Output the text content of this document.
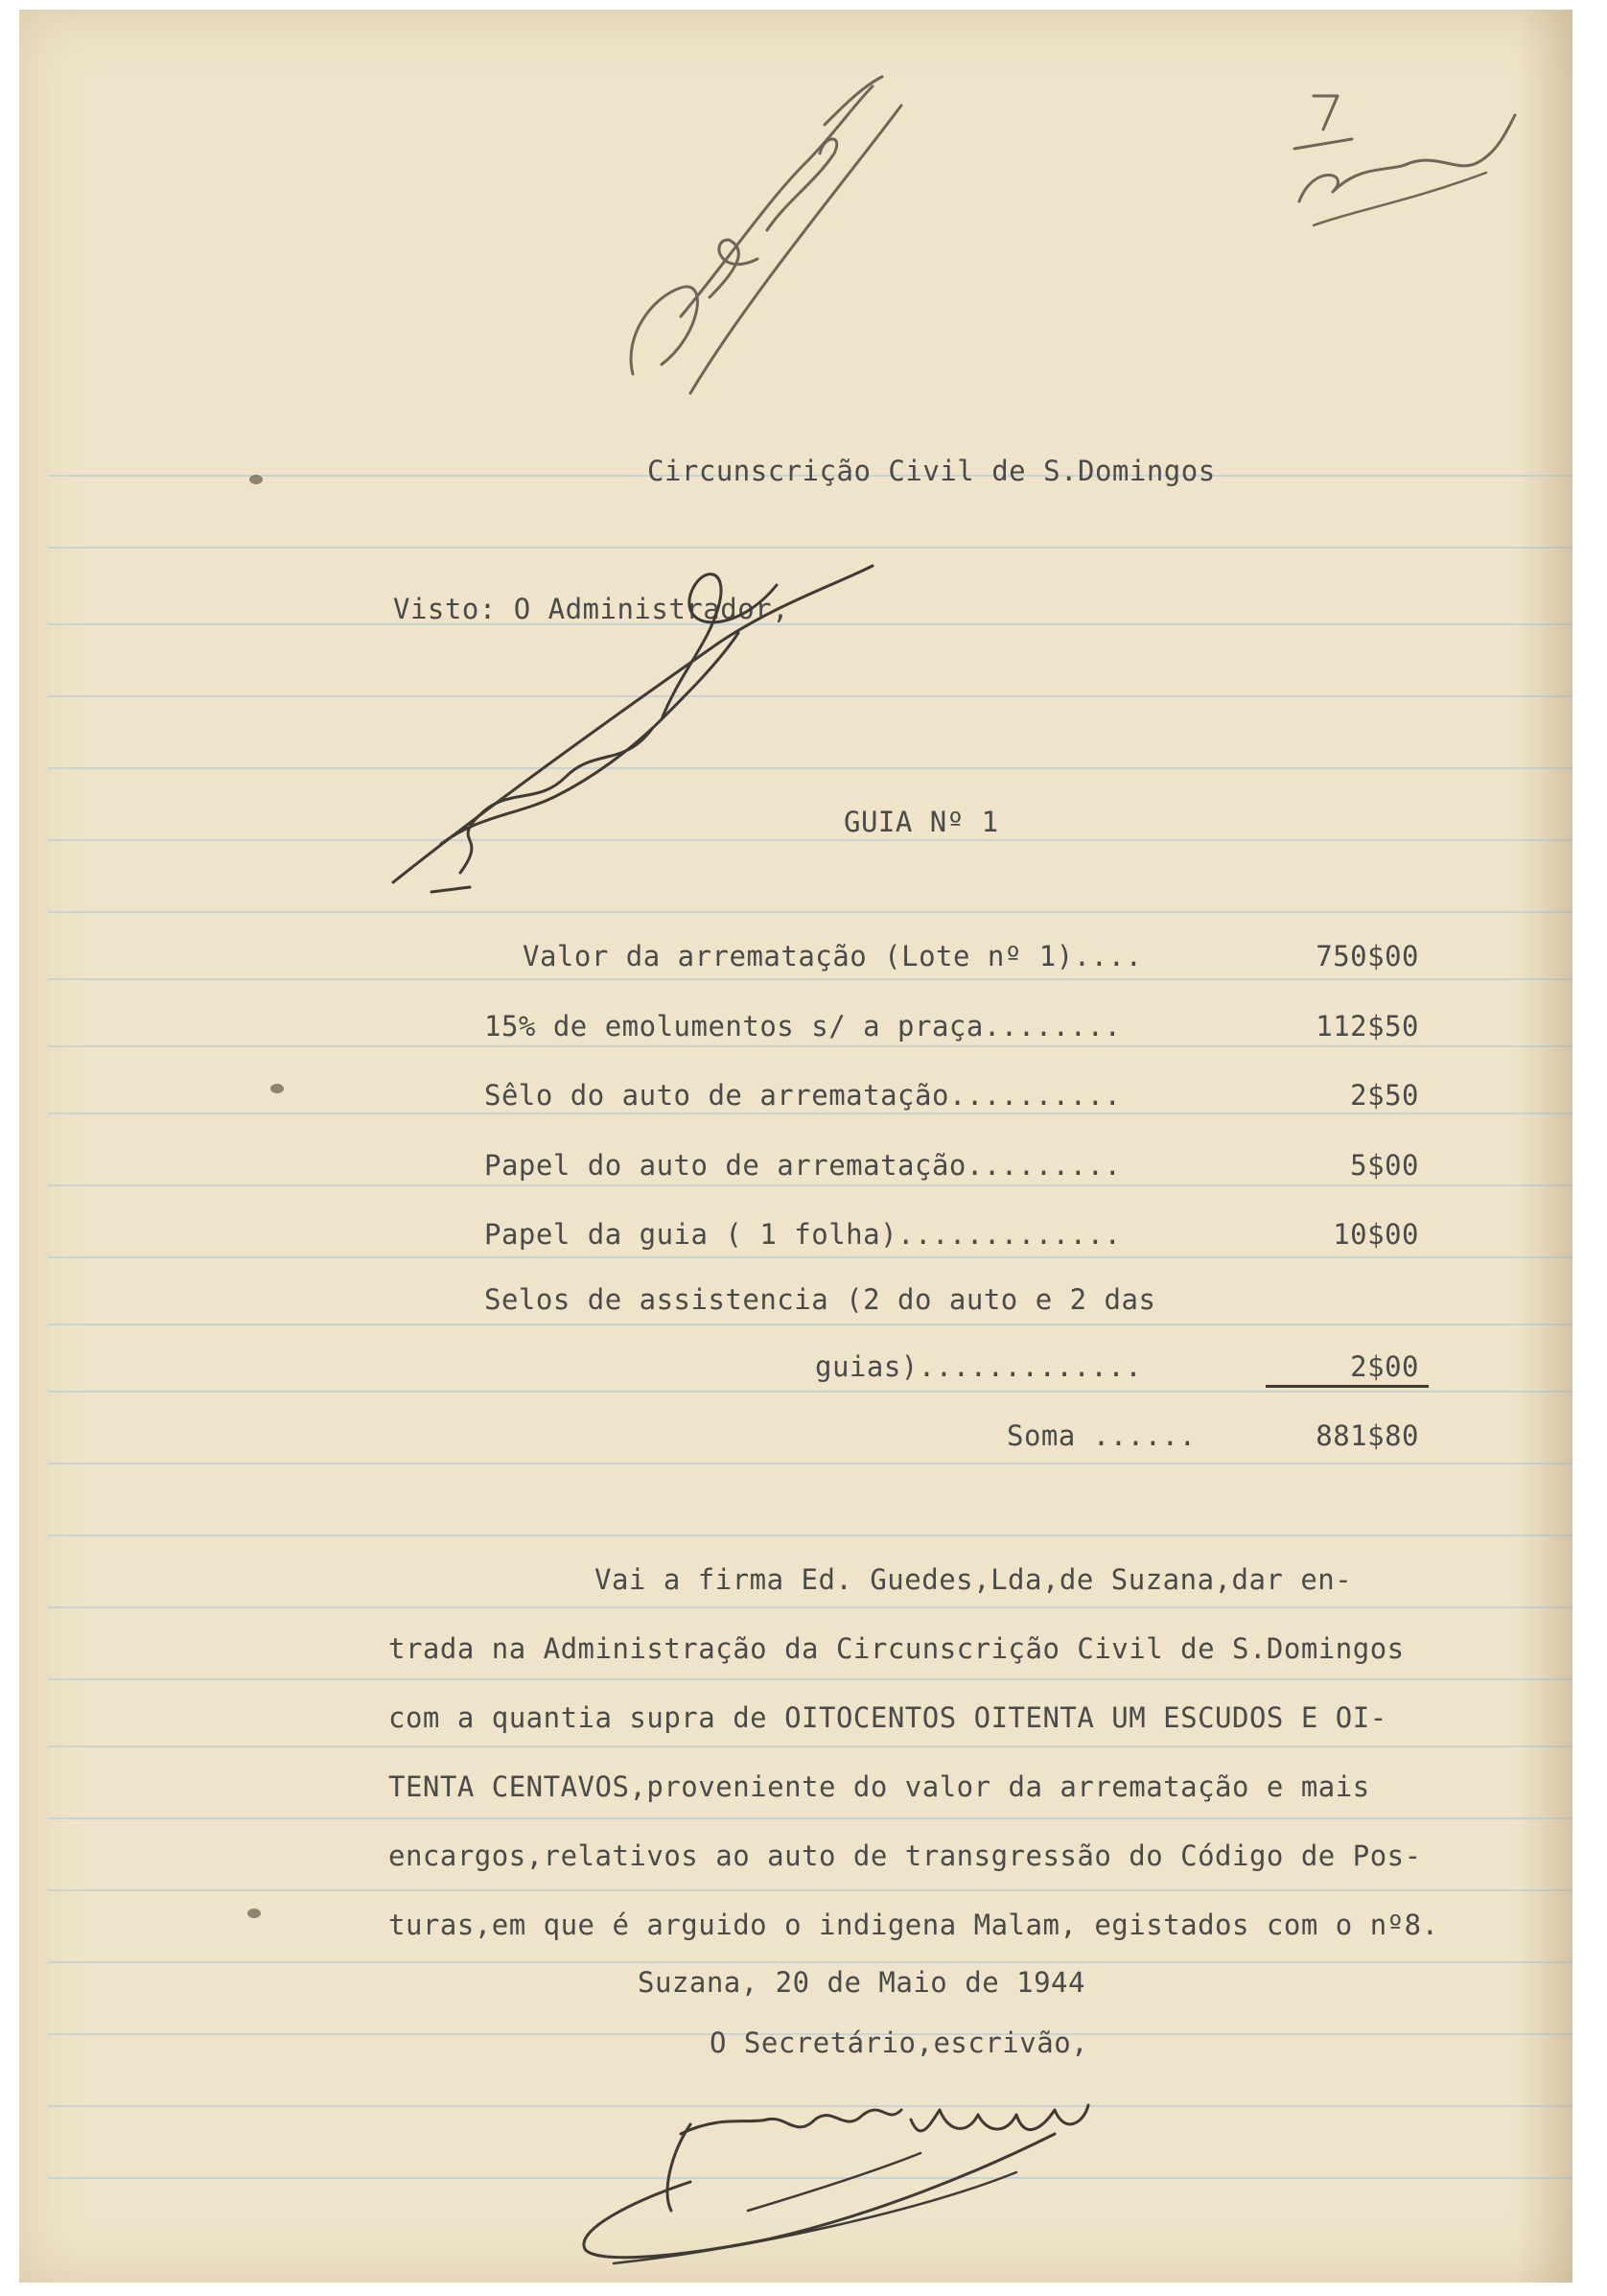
Circunscrição Civil de S.Domingos
Visto: O Administrador,
GUIA Nº 1
Valor da arrematação (Lote nº 1)....	750$00
15% de emolumentos s/ a praça........	112$50
Sêlo do auto de arrematação..........	2$50
Papel do auto de arrematação.........	5$00
Papel da guia ( 1 folha).............	10$00
Selos de assistencia (2 do auto e 2 das
guias).............	2$00
Soma ......	881$80
Vai a firma Ed. Guedes,Lda,de Suzana,dar en-
trada na Administração da Circunscrição Civil de S.Domingos
com a quantia supra de OITOCENTOS OITENTA UM ESCUDOS E OI-
TENTA CENTAVOS,proveniente do valor da arrematação e mais
encargos,relativos ao auto de transgressão do Código de Pos-
turas,em que é arguido o indigena Malam, egistados com o nº8.
Suzana, 20 de Maio de 1944
O Secretário,escrivão,
